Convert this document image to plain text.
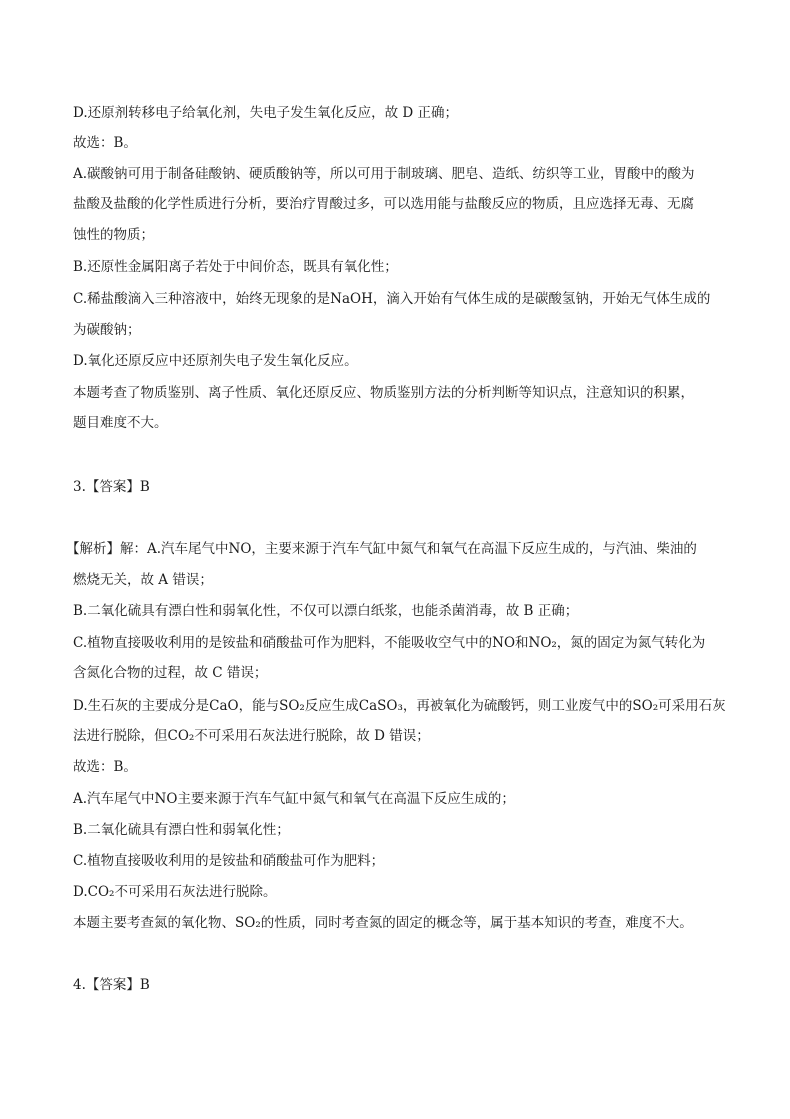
D.还原剂转移电子给氧化剂，失电子发生氧化反应，故 D 正确；
故选：B。
A.碳酸钠可用于制备硅酸钠、硬质酸钠等，所以可用于制玻璃、肥皂、造纸、纺织等工业，胃酸中的酸为
盐酸及盐酸的化学性质进行分析，要治疗胃酸过多，可以选用能与盐酸反应的物质，且应选择无毒、无腐
蚀性的物质；
B.还原性金属阳离子若处于中间价态，既具有氧化性；
C.稀盐酸滴入三种溶液中，始终无现象的是NaOH，滴入开始有气体生成的是碳酸氢钠，开始无气体生成的
为碳酸钠；
D.氧化还原反应中还原剂失电子发生氧化反应。
本题考查了物质鉴别、离子性质、氧化还原反应、物质鉴别方法的分析判断等知识点，注意知识的积累，
题目难度不大。
3.【答案】B
【解析】解：A.汽车尾气中NO，主要来源于汽车气缸中氮气和氧气在高温下反应生成的，与汽油、柴油的
燃烧无关，故 A 错误；
B.二氧化硫具有漂白性和弱氧化性，不仅可以漂白纸浆，也能杀菌消毒，故 B 正确；
C.植物直接吸收利用的是铵盐和硝酸盐可作为肥料，不能吸收空气中的NO和NO₂，氮的固定为氮气转化为
含氮化合物的过程，故 C 错误；
D.生石灰的主要成分是CaO，能与SO₂反应生成CaSO₃，再被氧化为硫酸钙，则工业废气中的SO₂可采用石灰
法进行脱除，但CO₂不可采用石灰法进行脱除，故 D 错误；
故选：B。
A.汽车尾气中NO主要来源于汽车气缸中氮气和氧气在高温下反应生成的；
B.二氧化硫具有漂白性和弱氧化性；
C.植物直接吸收利用的是铵盐和硝酸盐可作为肥料；
D.CO₂不可采用石灰法进行脱除。
本题主要考查氮的氧化物、SO₂的性质，同时考查氮的固定的概念等，属于基本知识的考查，难度不大。
4.【答案】B
